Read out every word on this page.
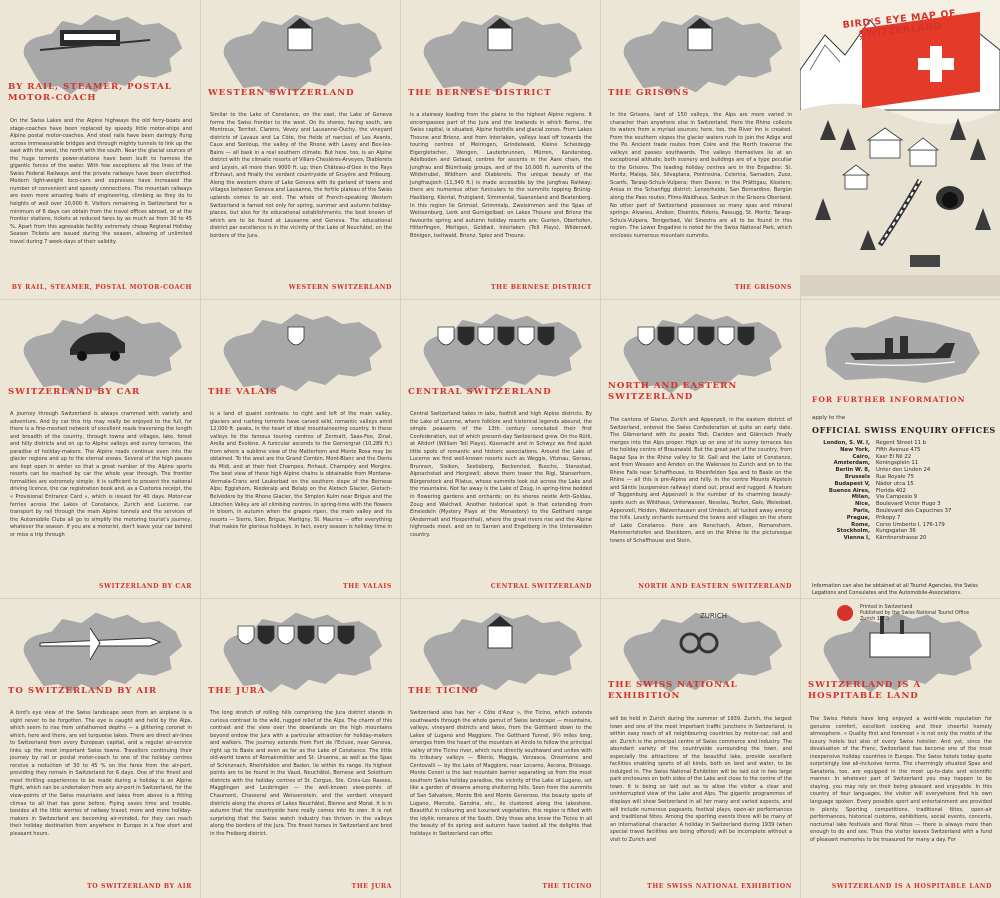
BY RAIL, STEAMER, POSTAL MOTOR-COACH
On the Swiss Lakes and the Alpine highways the old ferry-boats and stage-coaches have been replaced by speedy little motor-ships and Alpine postal motor-coaches. And steel rails have been daringly flung across immeasurable bridges and through mighty tunnels to link up the east with the west, the north with the south. Near the glacial sources of the huge torrents power-stations have been built to harness the gigantic forces of the water. With few exceptions all the lines of the Swiss Federal Railways and the private railways have been electrified. Modern light-weight loco-cars and expresses have increased the number of convenient and speedy connections. The mountain railways are even more amazing feats of engineering, climbing as they do to heights of well over 10,000 ft. Visitors remaining in Switzerland for a minimum of 6 days can obtain from the travel offices abroad, or at the frontier stations, tickets at reduced fares by as much as from 30 to 45 %. Apart from this agreeable facility extremely cheap Regional Holiday Season Tickets are issued during the season, allowing of unlimited travel during 7 week-days of their validity.
BY RAIL, STEAMER, POSTAL MOTOR-COACH
WESTERN SWITZERLAND
Similar to the Lake of Constance, on the east, the Lake of Geneva forms the Swiss frontier to the west. On its shores, facing south, are Montreux, Territet, Clarens, Vevey and Lausanne-Ouchy, the vineyard districts of Lavaux and La Côte, the fields of narcissi of Les Avants, Caux and Sonloup, the valley of the Rhone with Lavey and Bex-les-Bains — all bask in a real southern climate. But here, too, is an Alpine district with the climatic resorts of Villars-Chesières-Arveyes, Diablerets and Leysin, all more than 9000 ft. up; then Château-d'Oex in the Pays d'Enhaut, and finally the verdant countryside of Gruyère and Fribourg. Along the western shore of Lake Geneva with its garland of towns and villages between Geneva and Lausanne, the fertile plateau of the Swiss uplands comes to an end. The whole of French-speaking Western Switzerland is famed not only for spring, summer and autumn holiday-places, but also for its educational establishments, the best known of which are to be found at Lausanne and Geneva. The educational district par excellence is in the vicinity of the Lake of Neuchâtel, on the borders of the Jura.
WESTERN SWITZERLAND
THE BERNESE DISTRICT
is a stairway leading from the plains to the highest Alpine regions. It encompasses part of the Jura and the lowlands in which Berne, the Swiss capital, is situated, Alpine foothills and glacial zones. From Lakes Thoune and Brienz, and from Interlaken, valleys lead off towards the touring centres of Meiringen, Grindelwald, Kleine Scheidegg-Eigergletscher, Wengen, Lauterbrunnen, Mürren, Kandersteg, Adelboden and Gstaad, centres for ascents in the Aare chain, the Jungfrau and Blümlisalp groups, and of the 10,000 ft. summits of the Wildstrubel, Wildhorn and Diablerets. The unique beauty of the Jungfraujoch (11,340 ft.) is made accessible by the Jungfrau Railway; there are numerous other funiculars to the summits topping Brünig-Hasliberg, Kiental, Frutigland, Simmental, Saanenland and Beatenberg. In this region lie Grimsel, Grimmialp, Zweisimmen and the Spas of Weissenburg, Lenk and Gurnigelbad; on Lakes Thoune and Brienz the favourite spring and autumn holiday resorts are: Gunten, Oberhofen, Hilterfingen, Merligen, Goldiwil, Interlaken (Tell Plays), Wilderswil, Bönigen, Iseltwald, Brienz, Spiez and Thoune.
THE BERNESE DISTRICT
THE GRISONS
In the Grisons, land of 150 valleys, the Alps are more varied in character than anywhere else in Switzerland. Here the Rhine collects its waters from a myriad sources; here, too, the River Inn is created. From the southern slopes the glacier waters rush to join the Adige and the Po. Ancient trade routes from Coire and the North traverse the valleys and passes southwards. The valleys themselves lie at an exceptional altitude; both scenery and buildings are of a type peculiar to the Grisons. The leading holiday centres are in the Engadine: St. Moritz, Maloja, Sils, Silvaplana, Pontresina, Celerina, Samaden, Zuoz, Scanfs, Tarasp-Schuls-Vulpera; then Davos; in the Prättigau, Klosters; Arosa in the Schanfigg district; Lenzerheide, San Bernardino, Bergün along the Pass routes; Flims-Waldhaus, Sedrun in the Grisons Oberland. No other part of Switzerland possesses so many spas and mineral springs: Alvaneu, Andeer, Disentis, Fideris, Passugg, St. Moritz, Tarasp-Schuls-Vulpera, Tenigerbad, Val Sinestra are all to be found in this region. The Lower Engadine is noted for the Swiss National Park, which encloses numerous mountain summits.
THE GRISONS
SWITZERLAND BY CAR
A journey through Switzerland is always crammed with variety and adventure. And by car this trip may really be enjoyed to the full, for there is a fine-meshed network of excellent roads traversing the length and breadth of the country, through towns and villages, lake, forest and hilly districts and on up to Alpine valleys and sunny terraces, the paradise of holiday-makers. The Alpine roads continue even into the glacier regions and up to the eternal snows. Several of the high passes are kept open in winter so that a great number of the Alpine sports resorts can be reached by car the whole year through. The frontier formalities are extremely simple: it is sufficient to present the national driving licence, the car registration book and, as a Customs receipt, the « Provisional Entrance Card », which is issued for 40 days. Motor-car ferries across the Lakes of Constance, Zurich and Lucerne, car transport by rail through the main Alpine tunnels and the services of the Automobile Clubs all go to simplify the motoring tourist's journey, whatever the season. If you are a motorist, don't leave your car behind or miss a trip through
SWITZERLAND BY CAR
THE VALAIS
is a land of quaint contrasts: to right and left of the main valley, glaciers and rushing torrents have carved wild, romantic valleys amid 12,000 ft. peaks, in the heart of ideal mountaineering country. In these valleys lie the famous touring centres of Zermatt, Saas-Fee, Zinal, Arolla and Evolène. A funicular ascends to the Gornergrat (10,289 ft.) from where a sublime view of the Matterhorn and Monte Rosa may be obtained. To the west are the Grand Combin, Mont-Blanc and the Dents du Midi, and at their feet Champex, Finhaut, Champéry and Morgins. The best view of these high Alpine chains is obtainable from Montana-Vermala-Crans and Leukerbad on the southern slope of the Bernese Alps; Eggishorn, Riederalp and Belalp on the Aletsch Glacier, Gletsch-Belvédère by the Rhone Glacier, the Simplon Kulm near Brigue and the Lötschen Valley are all climbing centres. In spring-time with the flowers in bloom, in autumn when the grapes ripen, the main valley and its resorts — Sierre, Sion, Brigue, Martigny, St. Maurice — offer everything that makes for glorious holidays. In fact, every season is holiday time in
THE VALAIS
CENTRAL SWITZERLAND
Central Switzerland takes in lake, foothill and high Alpine districts. By the Lake of Lucerne, where folklore and historical legends abound, the simple peasants of the 13th century concluded their first Confederation, out of which present-day Switzerland grew. On the Rütli, at Altdorf (William Tell Plays), Küssnacht and in Schwyz we find quiet little spots of romantic and historic associations. Around the Lake of Lucerne we find well-known resorts such as Weggis, Vitznau, Gersau, Brunnen, Sisikon, Seelisberg, Beckenried, Buochs, Stansstad, Alpnachstad and Hergiswil; above them tower the Rigi, Stanserhorn, Bürgenstock and Pilatus, whose summits look out across the Lake and the mountains. Not far away is the Lake of Zoug, in spring-time bedded in flowering gardens and orchards; on its shores nestle Arth-Goldau, Zoug and Walchwil. Another historical spot is that extending from Einsiedeln (Mystery Plays at the Monastery) to the Gotthard range (Andermatt and Hospenthal), where the great rivers rise and the Alpine highroads meet, and on to Sarnen and Engelberg in the Unterwalden country.
CENTRAL SWITZERLAND
NORTH AND EASTERN SWITZERLAND
The cantons of Glarus, Zurich and Appenzell, in the eastern district of Switzerland, entered the Swiss Confederation at quite an early date. The Glärnerland with its peaks Tödi, Clariden and Glärnisch finally merges into the Alps proper. High up on one of its sunny terraces lies the holiday centre of Braunwald. But the great part of the country, from Ragaz Spa in the Rhine valley to St. Gall and the Lake of Constance, and from Wessen and Amden on the Walensee to Zurich and on to the Rhine Falls near Schaffhouse, to Rheinfelden Spa and to Basle on the Rhine — all this is pre-Alpine and hilly. In the centre Mounts Alpstein and Säntis (suspension railway) stand out, proud and rugged. A feature of Toggenburg and Appenzell is the number of its charming beauty-spots such as Wildhaus, Unterwasser, Nesslau, Teufen, Gais, Weissbad, Appenzell, Heiden, Walzenhausen and Urnäsch, all tucked away among the hills. Lovely orchards surround the towns and villages on the shore of Lake Constance. Here are Rorschach, Arbon, Romanshorn, Mammertshofen and Steckborn, and on the Rhine lie the picturesque towns of Schaffhouse and Stein.
NORTH AND EASTERN SWITZERLAND
TO SWITZERLAND BY AIR
A bird's eye view of the Swiss landscape seen from an airplane is a sight never to be forgotten. The eye is caught and held by the Alps, which seem to rise from unfathomed depths — a glittering coronet in which, here and there, are set turquoise lakes. There are direct air-lines to Switzerland from every European capital, and a regular air-service links up the most important Swiss towns. Travellers continuing their journey by rail or postal motor-coach to one of the holiday centres receive a reduction of 30 to 45 % on the fares from the air-port, providing they remain in Switzerland for 6 days. One of the finest and most thrilling experiences to be made during a holiday is an Alpine flight, which can be undertaken from any air-port in Switzerland, for the view-points of the Swiss mountains and lakes from above is a fitting climax to all that has gone before. Flying saves time and trouble, besides all the little worries of railway travel; more and more holiday-makers in Switzerland are becoming air-minded, for they can reach their holiday destination from anywhere in Europe in a few short and pleasant hours.
TO SWITZERLAND BY AIR
THE JURA
The long stretch of rolling hills comprising the Jura district stands in curious contrast to the wild, rugged relief of the Alps. The charm of this contrast and the view over the downlands on the high mountains beyond endow the Jura with a particular attraction for holiday-makers and walkers. The journey extends from Fort de l'Ecluse, near Geneva, right up to Basle and even as far as the Lake of Constance. The little old-world towns of Romainmôtier and St. Ursanne, as well as the Spas of Schinznach, Rheinfelden and Baden, lie within its range. Its highest points are to be found in the Vaud, Neuchâtel, Bernese and Solothurn districts with the holiday centres of St. Cergue, Ste. Croix-Les Rasses, Magglingen and Leubringen — the well-known view-points of Chaumont, Chasseral and Weissenstein, and the verdant vineyard districts along the shores of Lakes Neuchâtel, Bienne and Morat. It is in autumn that the countryside here really comes into its own. It is not surprising that the Swiss watch industry has thriven in the valleys along the borders of the Jura. The finest horses in Switzerland are bred in the Freiberg district.
THE JURA
THE TICINO
Switzerland also has her « Côte d'Azur », the Ticino, which extends southwards through the whole gamut of Swiss landscape — mountains, valleys, vineyard districts and lakes, from the Gotthard down to the Lakes of Lugano and Maggiore. The Gotthard Tunnel, 9½ miles long, emerges from the heart of the mountain at Airolo to follow the principal valley of the Ticino river, which runs directly southward and unites with its tributary valleys — Blenio, Maggia, Verzasca, Onsernone and Centovalli — by the Lake of Maggiore, near Locarno, Ascona, Brissago. Monte Ceneri is the last mountain barrier separating us from the most southern Swiss holiday paradise, the vicinity of the Lake of Lugano, set like a garden of dreams among sheltering hills. Seen from the summits of San Salvatore, Monte Brè and Monte Generoso, the beauty spots of Lugano, Morcote, Gandria, etc., lie clustered along the lakeshore. Beautiful in colouring and luxuriant vegetation, this region is filled with the idyllic romance of the South. Only those who know the Ticino in all the beauty of its spring and autumn have tasted all the delights that holidays in Switzerland can offer.
THE TICINO
ZURICH
THE SWISS NATIONAL EXHIBITION
will be held in Zurich during the summer of 1939. Zurich, the largest town and one of the most important traffic junctions in Switzerland, is within easy reach of all neighbouring countries by motor-car, rail and air. Zurich is the principal centre of Swiss commerce and industry. The abundant variety of the countryside surrounding the town, and especially the attractions of the beautiful lake, provide excellent facilities enabling sports of all kinds, both on land and water, to be indulged in. The Swiss National Exhibition will be laid out in two large park enclosures on both sides of the Lake and close to the centre of the town. It is being so laid out as to allow the visitor a clear and uninterrupted view of the Lake and Alps. The gigantic programmes of displays will show Switzerland in all her many and varied aspects, and will include numerous pageants, festival plays, open-air performances and traditional fêtes. Among the sporting events there will be many of an international character. A holiday in Switzerland during 1939 (when special travel facilities are being offered) will be incomplete without a visit to Zurich and
THE SWISS NATIONAL EXHIBITION
SWITZERLAND IS A HOSPITABLE LAND
The Swiss Hotels have long enjoyed a world-wide reputation for genuine comfort, excellent cooking and their cheerful homely atmosphere. « Quality first and foremost » is not only the motto of the luxury hotels but also of every Swiss hotelier. And yet, since the devaluation of the Franc, Switzerland has become one of the most inexpensive holiday countries in Europe. The Swiss hotels today quote surprisingly low all-inclusive terms. The charmingly situated Spas and Sanatoria, too, are equipped in the most up-to-date and scientific manner. In whatever part of Switzerland you may happen to be staying, you may rely on their being pleasant and enjoyable. In this country of four languages, the visitor will everywhere find his own language spoken. Every possible sport and entertainment are provided in plenty. Sporting competitions, traditional fêtes, open-air performances, historical customs, exhibitions, social events, concerts, nocturnal lake festivals and floral fêtes — there is always more than enough to do and see. Thus the visitor leaves Switzerland with a fund of pleasant memories to be treasured for many a day. For
SWITZERLAND IS A HOSPITABLE LAND
BIRD'S EYE MAP OF SWITZERLAND
FOR FURTHER INFORMATION
apply to the
OFFICIAL SWISS ENQUIRY OFFICES
London, S. W. I,	Regent Street 11 b
New York,	Fifth Avenue 475
Cairo,	Kasr El Nil 22
Amsterdam,	Koningsplein 11
Berlin W. 8,	Unter den Linden 24
Brussels	Rue Royale 75
Budapest V,	Nádor utca 15
Buenos Aires,	Florida 402
Milan,	Via Campesio 9
Nice,	Boulevard Victor Hugo 3
Paris,	Boulevard des Capucines 37
Prague,	Prikopy 7
Rome,	Corso Umberto I, 176-179
Stockholm,	Kungsgatan 36
Vienna I,	Kärntnerstrasse 20
Information can also be obtained at all Tourist Agencies, the Swiss Legations and Consulates and the Automobile-Associations.
Printed in Switzerland
Published by the Swiss National Tourist Office
Zurich 1938
